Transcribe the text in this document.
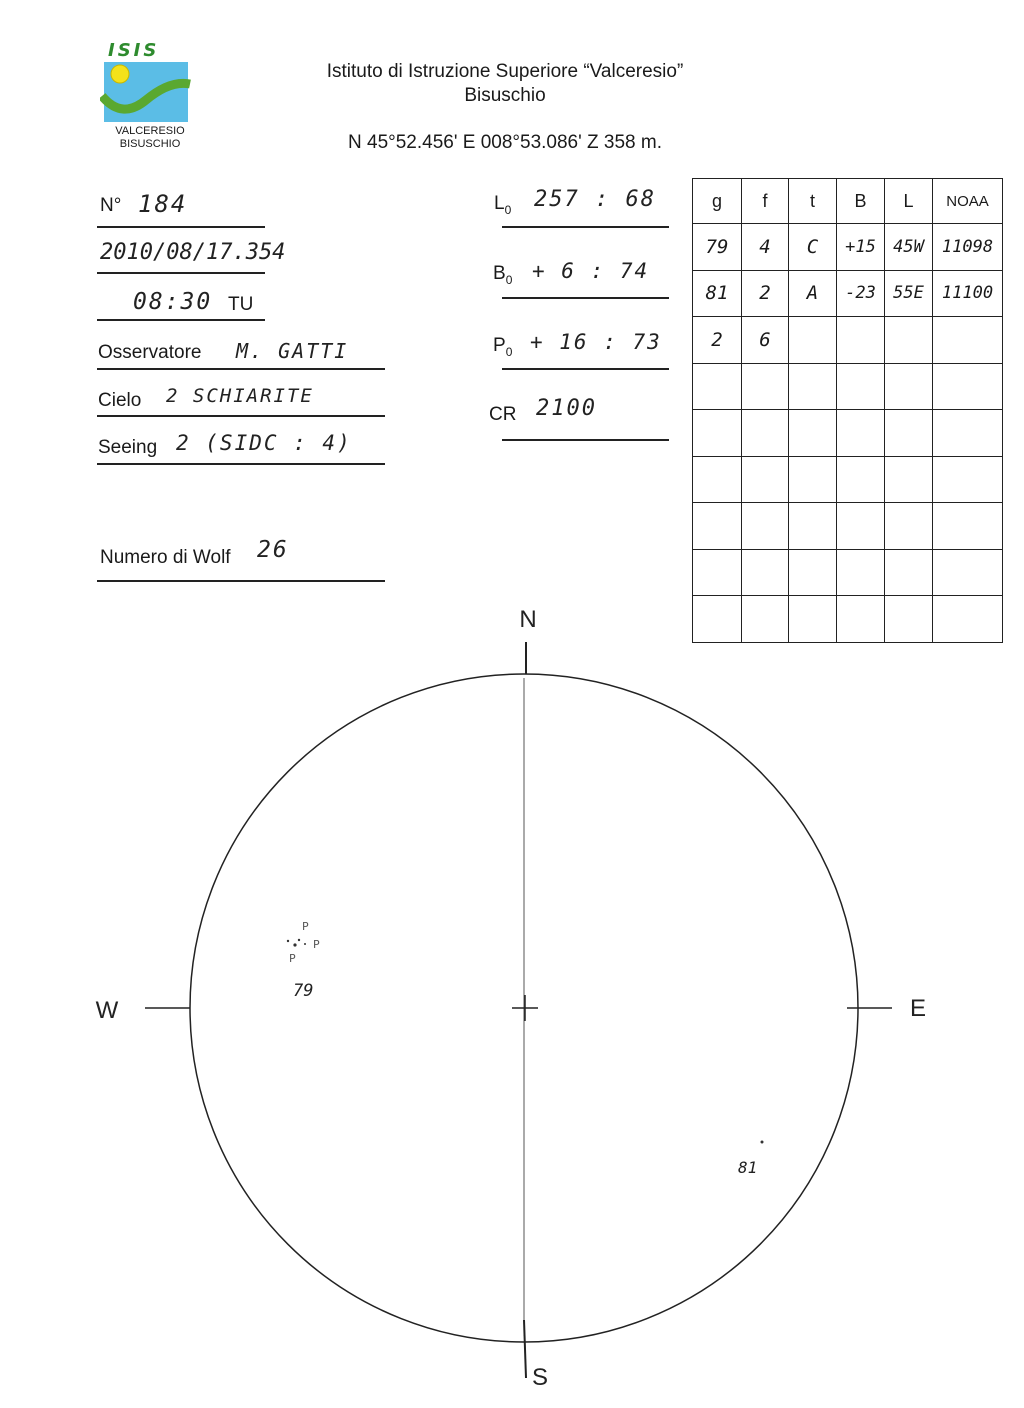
ISIS
VALCERESIO
BISUSCHIO
Istituto di Istruzione Superiore “Valceresio”
Bisuschio
N 45°52.456' E 008°53.086' Z 358 m.
N° 184
2010/08/17.354
08:30 TU
Osservatore M. GATTI
Cielo 2 SCHIARITE
Seeing 2 (SIDC : 4)
Numero di Wolf 26
$L_0$ 257 : 68
$B_0 + 6$ : 74
$P_0 + 16$ : 73
CR 2100
g	f	t	B	L	NOAA
79	4	C	+15	45W	11098
81	2	A	-23	55E	11100
2	6				

N
S
E
W
P
P
P
79
81
